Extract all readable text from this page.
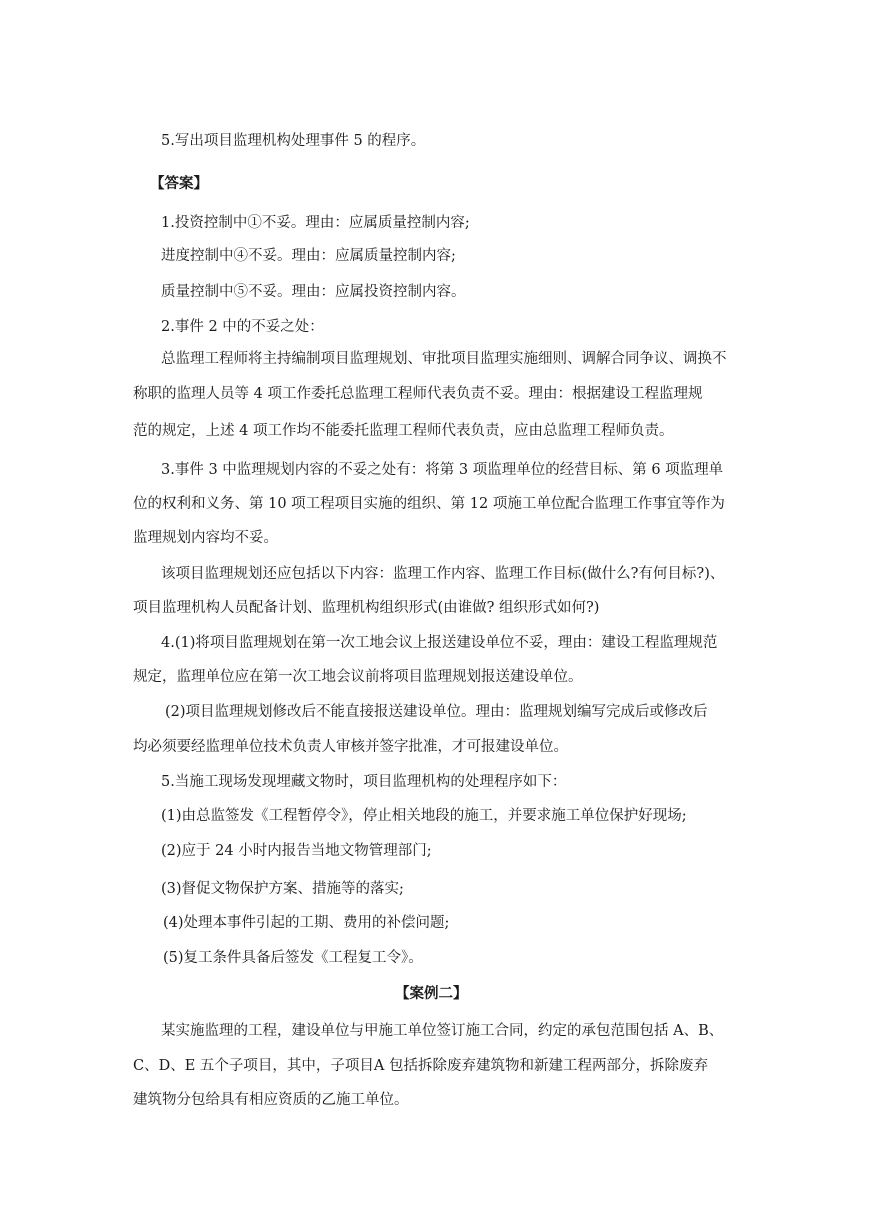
5.写出项目监理机构处理事件 5 的程序。
【答案】
1.投资控制中①不妥。理由：应属质量控制内容;
进度控制中④不妥。理由：应属质量控制内容;
质量控制中⑤不妥。理由：应属投资控制内容。
2.事件 2 中的不妥之处：
总监理工程师将主持编制项目监理规划、审批项目监理实施细则、调解合同争议、调换不
称职的监理人员等 4 项工作委托总监理工程师代表负责不妥。理由：根据建设工程监理规
范的规定，上述 4 项工作均不能委托监理工程师代表负责，应由总监理工程师负责。
3.事件 3 中监理规划内容的不妥之处有：将第 3 项监理单位的经营目标、第 6 项监理单
位的权利和义务、第 10 项工程项目实施的组织、第 12 项施工单位配合监理工作事宜等作为
监理规划内容均不妥。
该项目监理规划还应包括以下内容：监理工作内容、监理工作目标(做什么?有何目标?)、
项目监理机构人员配备计划、监理机构组织形式(由谁做? 组织形式如何?)
4.(1)将项目监理规划在第一次工地会议上报送建设单位不妥，理由：建设工程监理规范
规定，监理单位应在第一次工地会议前将项目监理规划报送建设单位。
(2)项目监理规划修改后不能直接报送建设单位。理由：监理规划编写完成后或修改后
均必须要经监理单位技术负责人审核并签字批准，才可报建设单位。
5.当施工现场发现埋藏文物时，项目监理机构的处理程序如下：
(1)由总监签发《工程暂停令》，停止相关地段的施工，并要求施工单位保护好现场;
(2)应于 24 小时内报告当地文物管理部门;
(3)督促文物保护方案、措施等的落实;
(4)处理本事件引起的工期、费用的补偿问题;
(5)复工条件具备后签发《工程复工令》。
【案例二】
某实施监理的工程，建设单位与甲施工单位签订施工合同，约定的承包范围包括 A、B、
C、D、E 五个子项目，其中，子项目A 包括拆除废弃建筑物和新建工程两部分，拆除废弃
建筑物分包给具有相应资质的乙施工单位。
